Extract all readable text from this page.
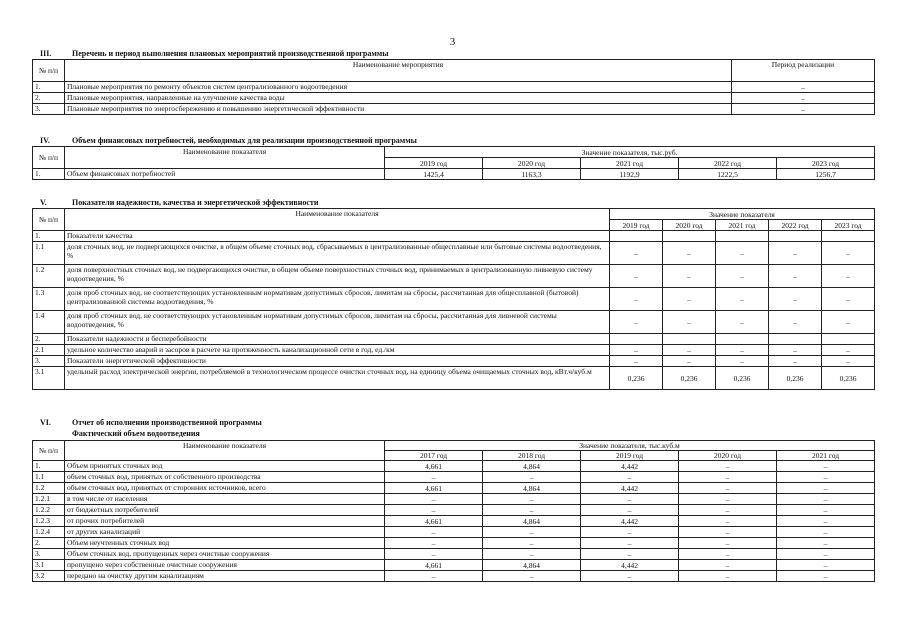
3
III.	Перечень и период выполнения плановых мероприятий производственной программы
№ п/п	Наименование мероприятия	Период реализации
1.	Плановые мероприятия по ремонту объектов систем централизованного водоотведения	–
2.	Плановые мероприятия, направленные на улучшение качества воды	–
3.	Плановые мероприятия по энергосбережению и повышению энергетической эффективности	–
IV.	Объем финансовых потребностей, необходимых для реализации производственной программы
№ п/п	Наименование показателя	Значение показателя, тыс.руб.				
		2019 год	2020 год	2021 год	2022 год	2023 год
1.	Объем финансовых потребностей	1425,4	1163,3	1192,9	1222,5	1256,7
V.	Показатели надежности, качества и энергетической эффективности
№ п/п	Наименование показателя	Значение показателя				
		2019 год	2020 год	2021 год	2022 год	2023 год
1.	Показатели качества					
1.1	доля сточных вод, не подвергающихся очистке, в общем объеме сточных вод, сбрасываемых в централизованные общесплавные или бытовые системы водоотведения, %	–	–	–	–	–
1.2	доля поверхностных сточных вод, не подвергающихся очистке, в общем объеме поверхностных сточных вод, принимаемых в централизованную ливневую систему водоотведения, %	–	–	–	–	–
1.3	доля проб сточных вод, не соответствующих установленным нормативам допустимых сбросов, лимитам на сбросы, рассчитанная для общесплавной (бытовой) централизованной системы водоотведения, %	–	–	–	–	–
1.4	доля проб сточных вод, не соответствующих установленным нормативам допустимых сбросов, лимитам на сбросы, рассчитанная для ливневой системы водоотведения, %	–	–	–	–	–
2.	Показатели надежности и бесперебойности					
2.1	удельное количество аварий и засоров в расчете на протяженность канализационной сети в год, ед./км	–	–	–	–	–
3.	Показатели энергетической эффективности	–	–	–	–	–
3.1	удельный расход электрической энергии, потребляемой в технологическом процессе очистки сточных вод, на единицу объема очищаемых сточных вод, кВт.ч/куб.м	0,236	0,236	0,236	0,236	0,236
VI.	Отчет об исполнении производственной программы
Фактический объем водоотведения
№ п/п	Наименование показателя	Значение показателя, тыс.куб.м				
		2017 год	2018 год	2019 год	2020 год	2021 год
1.	Объем принятых сточных вод	4,661	4,864	4,442	–	–
1.1	объем сточных вод, принятых от собственного производства	–	–	–	–	–
1.2	объем сточных вод, принятых от сторонних источников, всего	4,661	4,864	4,442	–	–
1.2.1	в том числе от населения	–	–	–	–	–
1.2.2	от бюджетных потребителей	–	–	–	–	–
1.2.3	от прочих потребителей	4,661	4,864	4,442	–	–
1.2.4	от других канализаций	–	–	–	–	–
2.	Объем неучтенных сточных вод	–	–	–	–	–
3.	Объем сточных вод, пропущенных через очистные сооружения	–	–	–	–	–
3.1	пропущено через собственные очистные сооружения	4,661	4,864	4,442	–	–
3.2	передано на очистку другим канализациям	–	–	–	–	–
